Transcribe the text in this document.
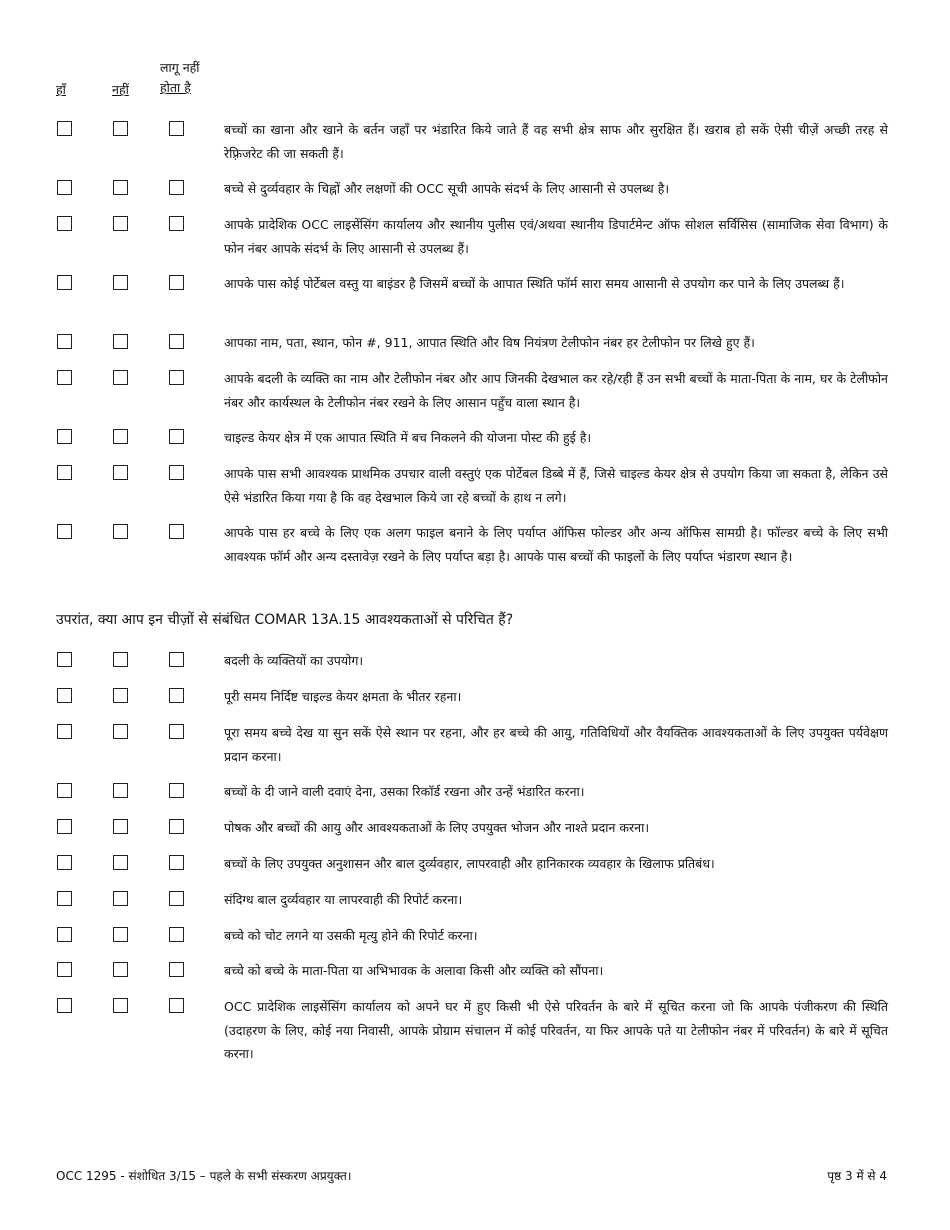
हाँ	नहीं
लागू नहीं
होता है
बच्चों का खाना और खाने के बर्तन जहाँ पर भंडारित किये जाते हैं वह सभी क्षेत्र साफ और सुरक्षित हैं। खराब हो सकें ऐसी चीज़ें अच्छी तरह से रेफ़्रिजरेट की जा सकती हैं।
बच्चे से दुर्व्यवहार के चिह्नों और लक्षणों की OCC सूची आपके संदर्भ के लिए आसानी से उपलब्ध है।
आपके प्रादेशिक OCC लाइसेंसिंग कार्यालय और स्थानीय पुलीस एवं/अथवा स्थानीय डिपार्टमेन्ट ऑफ सोशल सर्विसिस (सामाजिक सेवा विभाग) के फोन नंबर आपके संदर्भ के लिए आसानी से उपलब्ध हैं।
आपके पास कोई पोर्टेबल वस्तु या बाइंडर है जिसमें बच्चों के आपात स्थिति फॉर्म सारा समय आसानी से उपयोग कर पाने के लिए उपलब्ध हैं।
आपका नाम, पता, स्थान, फोन #, 911, आपात स्थिति और विष नियंत्रण टेलीफोन नंबर हर टेलीफोन पर लिखे हुए हैं।
आपके बदली के व्यक्ति का नाम और टेलीफोन नंबर और आप जिनकी देखभाल कर रहे/रही हैं उन सभी बच्चों के माता-पिता के नाम, घर के टेलीफोन नंबर और कार्यस्थल के टेलीफोन नंबर रखने के लिए आसान पहुँच वाला स्थान है।
चाइल्ड केयर क्षेत्र में एक आपात स्थिति में बच निकलने की योजना पोस्ट की हुई है।
आपके पास सभी आवश्यक प्राथमिक उपचार वाली वस्तुएं एक पोर्टेबल डिब्बे में हैं, जिसे चाइल्ड केयर क्षेत्र से उपयोग किया जा सकता है, लेकिन उसे ऐसे भंडारित किया गया है कि वह देखभाल किये जा रहे बच्चों के हाथ न लगे।
आपके पास हर बच्चे के लिए एक अलग फाइल बनाने के लिए पर्याप्त ऑफिस फोल्डर और अन्य ऑफिस सामग्री है। फॉल्डर बच्चे के लिए सभी आवश्यक फॉर्म और अन्य दस्तावेज़ रखने के लिए पर्याप्त बड़ा है। आपके पास बच्चों की फाइलों के लिए पर्याप्त भंडारण स्थान है।
उपरांत, क्या आप इन चीज़ों से संबंधित COMAR 13A.15 आवश्यकताओं से परिचित हैं?
बदली के व्यक्तियों का उपयोग।
पूरी समय निर्दिष्ट चाइल्ड केयर क्षमता के भीतर रहना।
पूरा समय बच्चे देख या सुन सकें ऐसे स्थान पर रहना, और हर बच्चे की आयु, गतिविधियों और वैयक्तिक आवश्यकताओं के लिए उपयुक्त पर्यवेक्षण प्रदान करना।
बच्चों के दी जाने वाली दवाएं देना, उसका रिकॉर्ड रखना और उन्हें भंडारित करना।
पोषक और बच्चों की आयु और आवश्यकताओं के लिए उपयुक्त भोजन और नाश्ते प्रदान करना।
बच्चों के लिए उपयुक्त अनुशासन और बाल दुर्व्यवहार, लापरवाही और हानिकारक व्यवहार के खिलाफ प्रतिबंध।
संदिग्ध बाल दुर्व्यवहार या लापरवाही की रिपोर्ट करना।
बच्चे को चोट लगने या उसकी मृत्यु होने की रिपोर्ट करना।
बच्चे को बच्चे के माता-पिता या अभिभावक के अलावा किसी और व्यक्ति को सौंपना।
OCC प्रादेशिक लाइसेंसिंग कार्यालय को अपने घर में हुए किसी भी ऐसे परिवर्तन के बारे में सूचित करना जो कि आपके पंजीकरण की स्थिति (उदाहरण के लिए, कोई नया निवासी, आपके प्रोग्राम संचालन में कोई परिवर्तन, या फिर आपके पते या टेलीफोन नंबर में परिवर्तन) के बारे में सूचित करना।
OCC 1295 - संशोधित 3/15 – पहले के सभी संस्करण अप्रयुक्त।	पृष्ठ 3 में से 4
